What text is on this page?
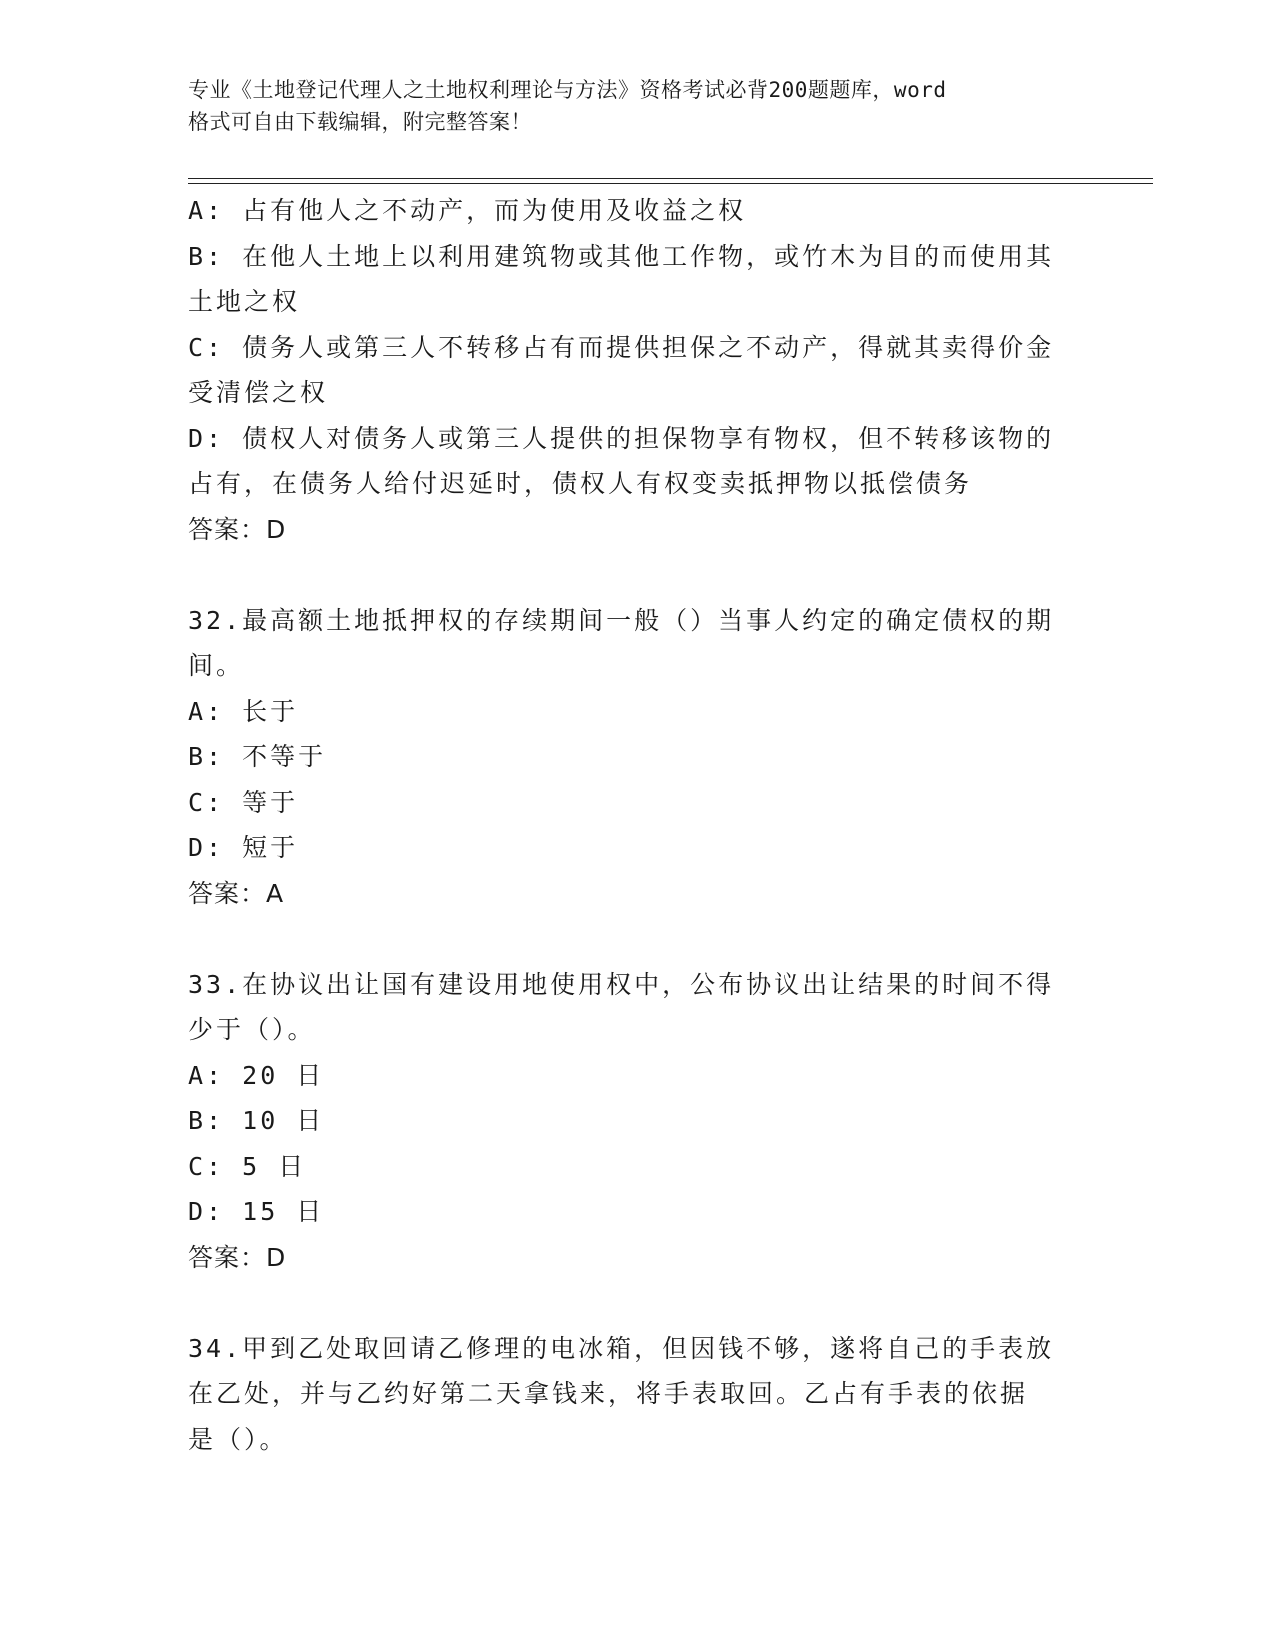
专业《土地登记代理人之土地权利理论与方法》资格考试必背200题题库，word
格式可自由下载编辑，附完整答案！
A: 占有他人之不动产，而为使用及收益之权
B: 在他人土地上以利用建筑物或其他工作物，或竹木为目的而使用其
土地之权
C: 债务人或第三人不转移占有而提供担保之不动产，得就其卖得价金
受清偿之权
D: 债权人对债务人或第三人提供的担保物享有物权，但不转移该物的
占有，在债务人给付迟延时，债权人有权变卖抵押物以抵偿债务
答案：D
32.最高额土地抵押权的存续期间一般（）当事人约定的确定债权的期
间。
A: 长于
B: 不等于
C: 等于
D: 短于
答案：A
33.在协议出让国有建设用地使用权中，公布协议出让结果的时间不得
少于（）。
A: 20 日
B: 10 日
C: 5 日
D: 15 日
答案：D
34.甲到乙处取回请乙修理的电冰箱，但因钱不够，遂将自己的手表放
在乙处，并与乙约好第二天拿钱来，将手表取回。乙占有手表的依据
是（）。
